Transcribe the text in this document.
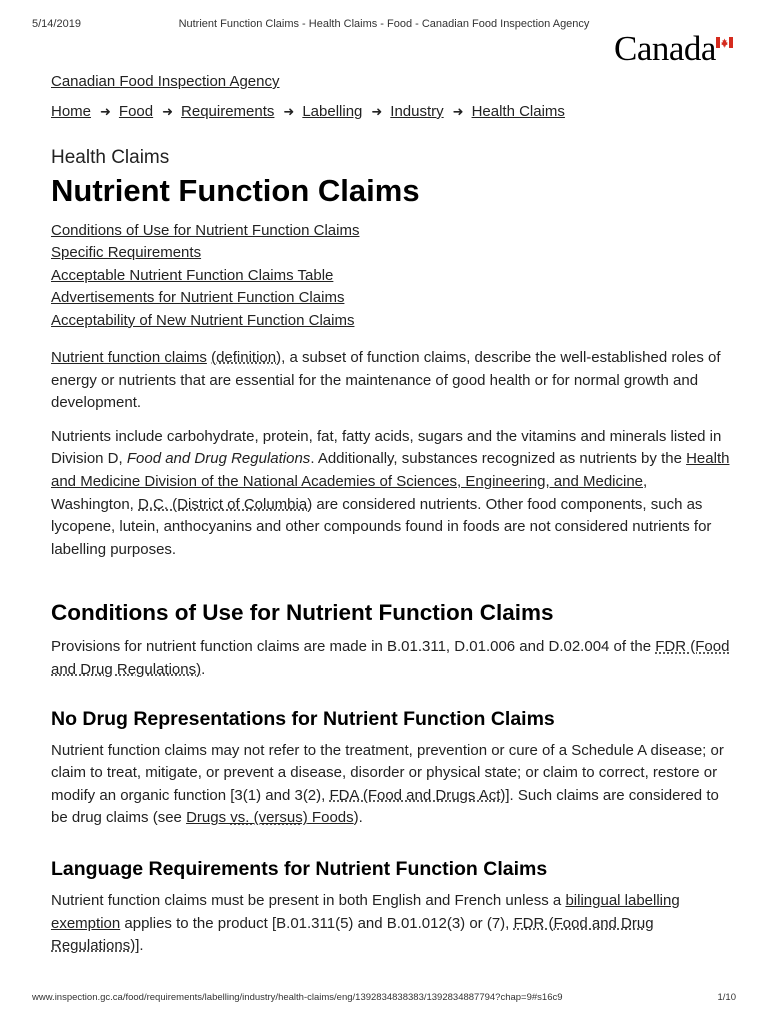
5/14/2019	Nutrient Function Claims - Health Claims - Food - Canadian Food Inspection Agency
Canada
Canadian Food Inspection Agency
Home ➜ Food ➜ Requirements ➜ Labelling ➜ Industry ➜ Health Claims
Health Claims
Nutrient Function Claims
Conditions of Use for Nutrient Function Claims
Specific Requirements
Acceptable Nutrient Function Claims Table
Advertisements for Nutrient Function Claims
Acceptability of New Nutrient Function Claims

Nutrient function claims (definition), a subset of function claims, describe the well-established roles of energy or nutrients that are essential for the maintenance of good health or for normal growth and development.

Nutrients include carbohydrate, protein, fat, fatty acids, sugars and the vitamins and minerals listed in Division D, Food and Drug Regulations. Additionally, substances recognized as nutrients by the Health and Medicine Division of the National Academies of Sciences, Engineering, and Medicine, Washington, D.C. (District of Columbia) are considered nutrients. Other food components, such as lycopene, lutein, anthocyanins and other compounds found in foods are not considered nutrients for labelling purposes.

Conditions of Use for Nutrient Function Claims

Provisions for nutrient function claims are made in B.01.311, D.01.006 and D.02.004 of the FDR (Food and Drug Regulations).

No Drug Representations for Nutrient Function Claims

Nutrient function claims may not refer to the treatment, prevention or cure of a Schedule A disease; or claim to treat, mitigate, or prevent a disease, disorder or physical state; or claim to correct, restore or modify an organic function [3(1) and 3(2), FDA (Food and Drugs Act)]. Such claims are considered to be drug claims (see Drugs vs. (versus) Foods).

Language Requirements for Nutrient Function Claims

Nutrient function claims must be present in both English and French unless a bilingual labelling exemption applies to the product [B.01.311(5) and B.01.012(3) or (7), FDR (Food and Drug Regulations)].

www.inspection.gc.ca/food/requirements/labelling/industry/health-claims/eng/1392834838383/1392834887794?chap=9#s16c9	1/10
